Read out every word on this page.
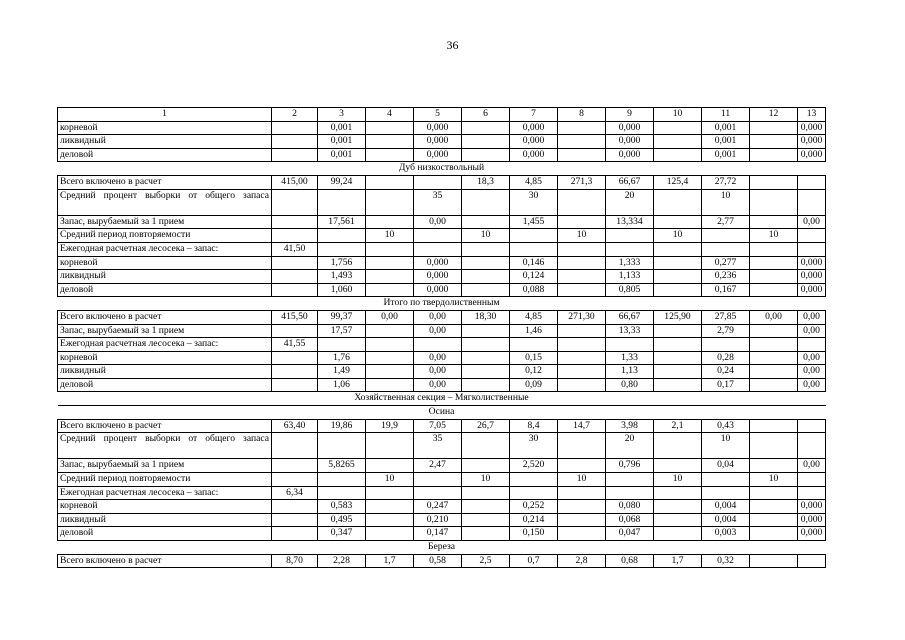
36
1	2	3	4	5	6	7	8	9	10	11	12	13
корневой		0,001		0,000		0,000		0,000		0,001		0,000
ликвидный		0,001		0,000		0,000		0,000		0,001		0,000
деловой		0,001		0,000		0,000		0,000		0,001		0,000
Дуб низкоствольный												
Всего включено в расчет	415,00	99,24			18,3	4,85	271,3	66,67	125,4	27,72		
Средний процент выборки от общего запаса				35		30		20		10		
Запас, вырубаемый за 1 прием		17,561		0,00		1,455		13,334		2,77		0,00
Средний период повторяемости			10		10		10		10		10	
Ежегодная расчетная лесосека – запас:	41,50											
корневой		1,756		0,000		0,146		1,333		0,277		0,000
ликвидный		1,493		0,000		0,124		1,133		0,236		0,000
деловой		1,060		0,000		0,088		0,805		0,167		0,000
Итого по твердолиственным												
Всего включено в расчет	415,50	99,37	0,00	0,00	18,30	4,85	271,30	66,67	125,90	27,85	0,00	0,00
Запас, вырубаемый за 1 прием		17,57		0,00		1,46		13,33		2,79		0,00
Ежегодная расчетная лесосека – запас:	41,55											
корневой		1,76		0,00		0,15		1,33		0,28		0,00
ликвидный		1,49		0,00		0,12		1,13		0,24		0,00
деловой		1,06		0,00		0,09		0,80		0,17		0,00
Хозяйственная секция – Мягколиственные												
Осина												
Всего включено в расчет	63,40	19,86	19,9	7,05	26,7	8,4	14,7	3,98	2,1	0,43		
Средний процент выборки от общего запаса				35		30		20		10		
Запас, вырубаемый за 1 прием		5,8265		2,47		2,520		0,796		0,04		0,00
Средний период повторяемости			10		10		10		10		10	
Ежегодная расчетная лесосека – запас:	6,34											
корневой		0,583		0,247		0,252		0,080		0,004		0,000
ликвидный		0,495		0,210		0,214		0,068		0,004		0,000
деловой		0,347		0,147		0,150		0,047		0,003		0,000
Береза												
Всего включено в расчет	8,70	2,28	1,7	0,58	2,5	0,7	2,8	0,68	1,7	0,32		
